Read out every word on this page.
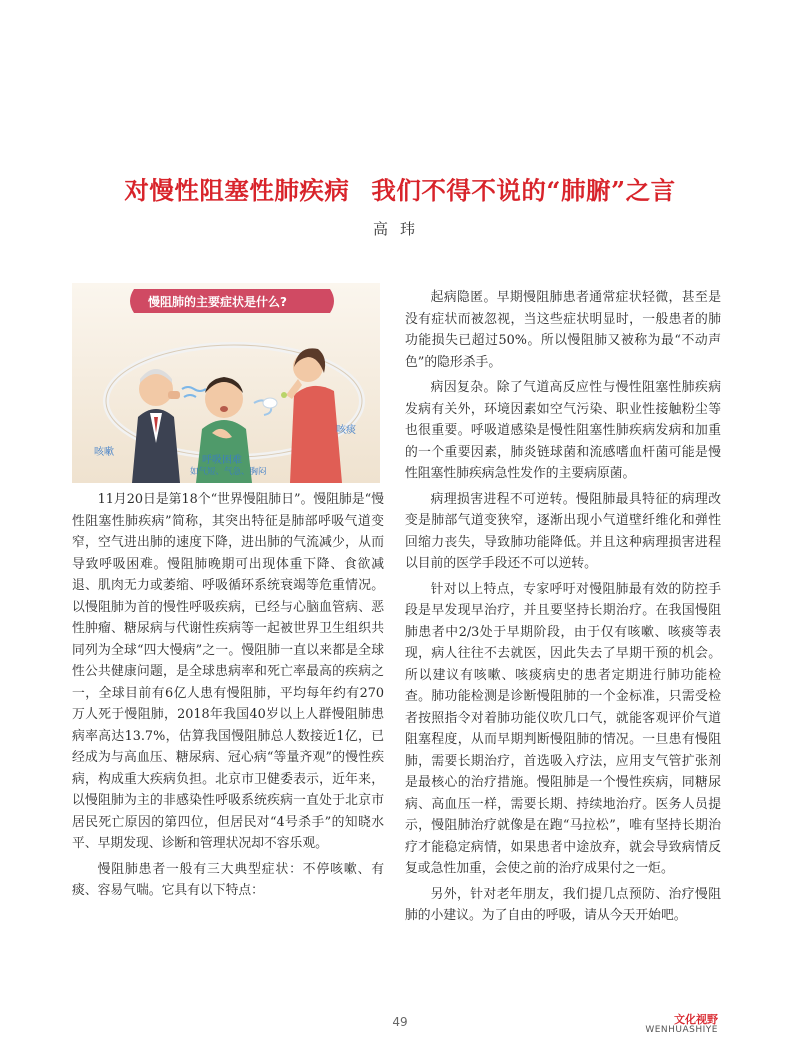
对慢性阻塞性肺疾病 我们不得不说的“肺腑”之言
高玮
慢阻肺的主要症状是什么?
咳嗽
咳痰
呼吸困难
如气短、气急、胸闷

11月20日是第18个“世界慢阻肺日”。慢阻肺是“慢性阻塞性肺疾病”简称，其突出特征是肺部呼吸气道变窄，空气进出肺的速度下降，进出肺的气流减少，从而导致呼吸困难。慢阻肺晚期可出现体重下降、食欲减退、肌肉无力或萎缩、呼吸循环系统衰竭等危重情况。以慢阻肺为首的慢性呼吸疾病，已经与心脑血管病、恶性肿瘤、糖尿病与代谢性疾病等一起被世界卫生组织共同列为全球“四大慢病”之一。慢阻肺一直以来都是全球性公共健康问题，是全球患病率和死亡率最高的疾病之一，全球目前有6亿人患有慢阻肺，平均每年约有270万人死于慢阻肺，2018年我国40岁以上人群慢阻肺患病率高达13.7%，估算我国慢阻肺总人数接近1亿，已经成为与高血压、糖尿病、冠心病“等量齐观”的慢性疾病，构成重大疾病负担。北京市卫健委表示，近年来，以慢阻肺为主的非感染性呼吸系统疾病一直处于北京市居民死亡原因的第四位，但居民对“4号杀手”的知晓水平、早期发现、诊断和管理状况却不容乐观。

慢阻肺患者一般有三大典型症状：不停咳嗽、有痰、容易气喘。它具有以下特点：

起病隐匿。早期慢阻肺患者通常症状轻微，甚至是没有症状而被忽视，当这些症状明显时，一般患者的肺功能损失已超过50%。所以慢阻肺又被称为最“不动声色”的隐形杀手。

病因复杂。除了气道高反应性与慢性阻塞性肺疾病发病有关外，环境因素如空气污染、职业性接触粉尘等也很重要。呼吸道感染是慢性阻塞性肺疾病发病和加重的一个重要因素，肺炎链球菌和流感嗜血杆菌可能是慢性阻塞性肺疾病急性发作的主要病原菌。

病理损害进程不可逆转。慢阻肺最具特征的病理改变是肺部气道变狭窄，逐渐出现小气道壁纤维化和弹性回缩力丧失，导致肺功能降低。并且这种病理损害进程以目前的医学手段还不可以逆转。

针对以上特点，专家呼吁对慢阻肺最有效的防控手段是早发现早治疗，并且要坚持长期治疗。在我国慢阻肺患者中2/3处于早期阶段，由于仅有咳嗽、咳痰等表现，病人往往不去就医，因此失去了早期干预的机会。所以建议有咳嗽、咳痰病史的患者定期进行肺功能检查。肺功能检测是诊断慢阻肺的一个金标准，只需受检者按照指令对着肺功能仪吹几口气，就能客观评价气道阻塞程度，从而早期判断慢阻肺的情况。一旦患有慢阻肺，需要长期治疗，首选吸入疗法，应用支气管扩张剂是最核心的治疗措施。慢阻肺是一个慢性疾病，同糖尿病、高血压一样，需要长期、持续地治疗。医务人员提示，慢阻肺治疗就像是在跑“马拉松”，唯有坚持长期治疗才能稳定病情，如果患者中途放弃，就会导致病情反复或急性加重，会使之前的治疗成果付之一炬。

另外，针对老年朋友，我们提几点预防、治疗慢阻肺的小建议。为了自由的呼吸，请从今天开始吧。

49	文化视野
WENHUASHIYE
